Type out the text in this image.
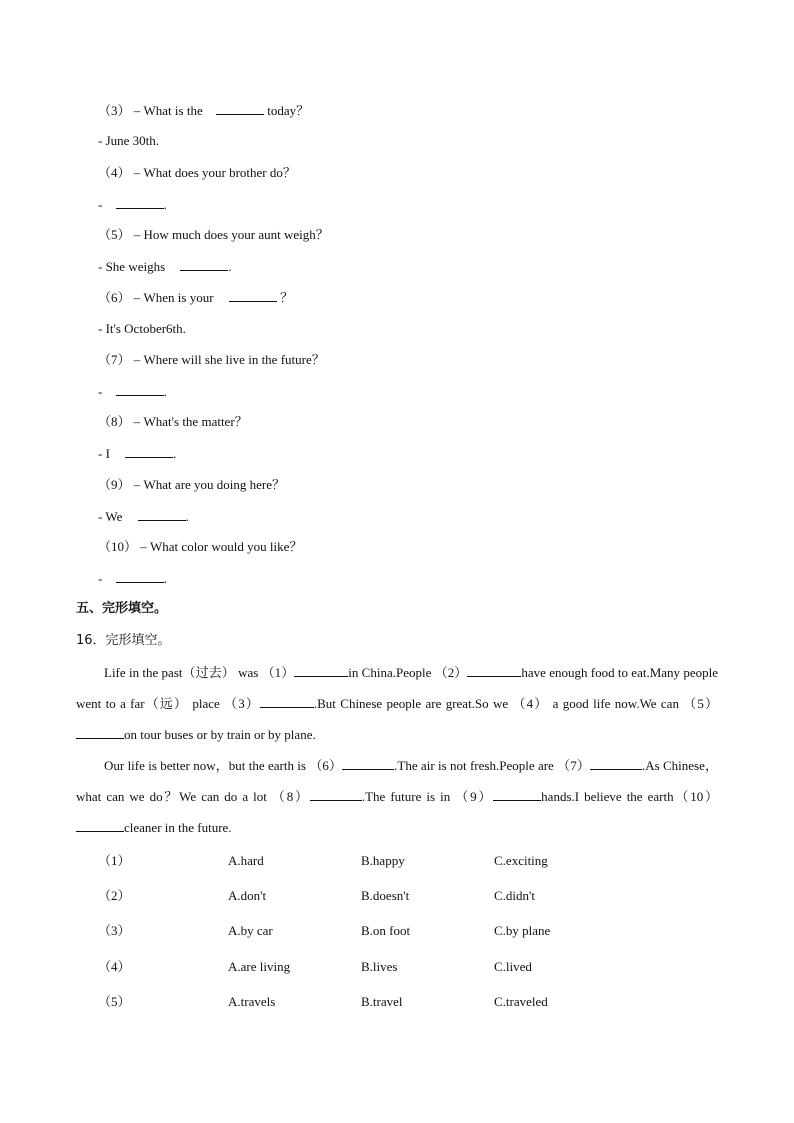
（3） – What is the	today？
- June 30th.
（4） – What does your brother do？
-	.
（5） – How much does your aunt weigh？
- She weighs	.
（6） – When is your	？
- It's October6th.
（7） – Where will she live in the future？
-	.
（8） – What's the matter？
- I	.
（9） – What are you doing here？
- We	.
（10） – What color would you like？
-	.
五、完形填空。
16．完形填空。
Life in the past（过去） was （1）	in China.People （2）	have enough food to eat.Many people went to a far（远） place （3）	.But Chinese people are great.So we （4） a good life now.We can （5）on tour buses or by train or by plane.
Our life is better now，but the earth is （6）	.The air is not fresh.People are （7）	.As Chinese，what can we do？We can do a lot （8）	.The future is in （9）	hands.I believe the earth（10）cleaner in the future.
（1）	A.hard	B.happy	C.exciting
（2）	A.don't	B.doesn't	C.didn't
（3）	A.by car	B.on foot	C.by plane
（4）	A.are living	B.lives	C.lived
（5）	A.travels	B.travel	C.traveled
